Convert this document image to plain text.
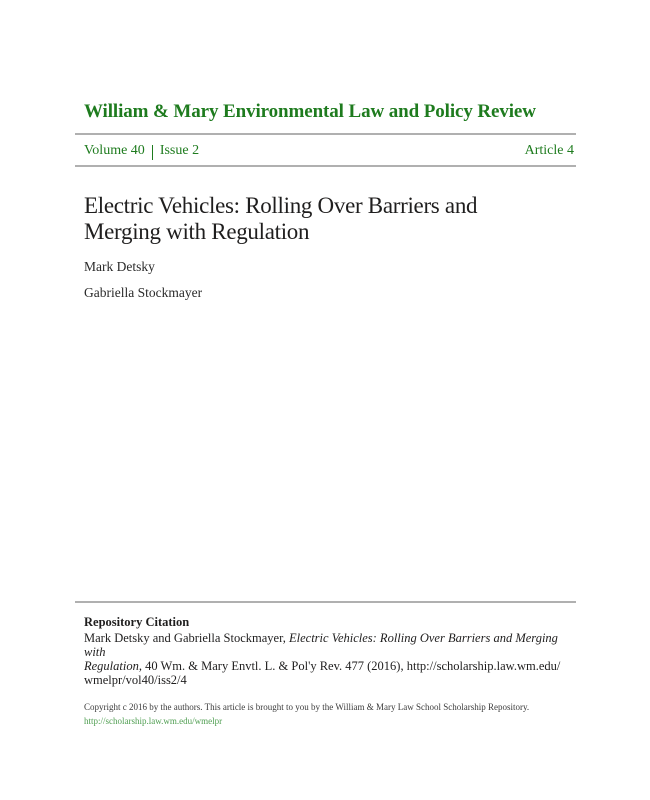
William & Mary Environmental Law and Policy Review
Volume 40 Issue 2	Article 4
Electric Vehicles: Rolling Over Barriers and
Merging with Regulation
Mark Detsky
Gabriella Stockmayer
Repository Citation
Mark Detsky and Gabriella Stockmayer, Electric Vehicles: Rolling Over Barriers and Merging with
Regulation, 40 Wm. & Mary Envtl. L. & Pol'y Rev. 477 (2016), http://scholarship.law.wm.edu/
wmelpr/vol40/iss2/4
Copyright c 2016 by the authors. This article is brought to you by the William & Mary Law School Scholarship Repository.
http://scholarship.law.wm.edu/wmelpr
